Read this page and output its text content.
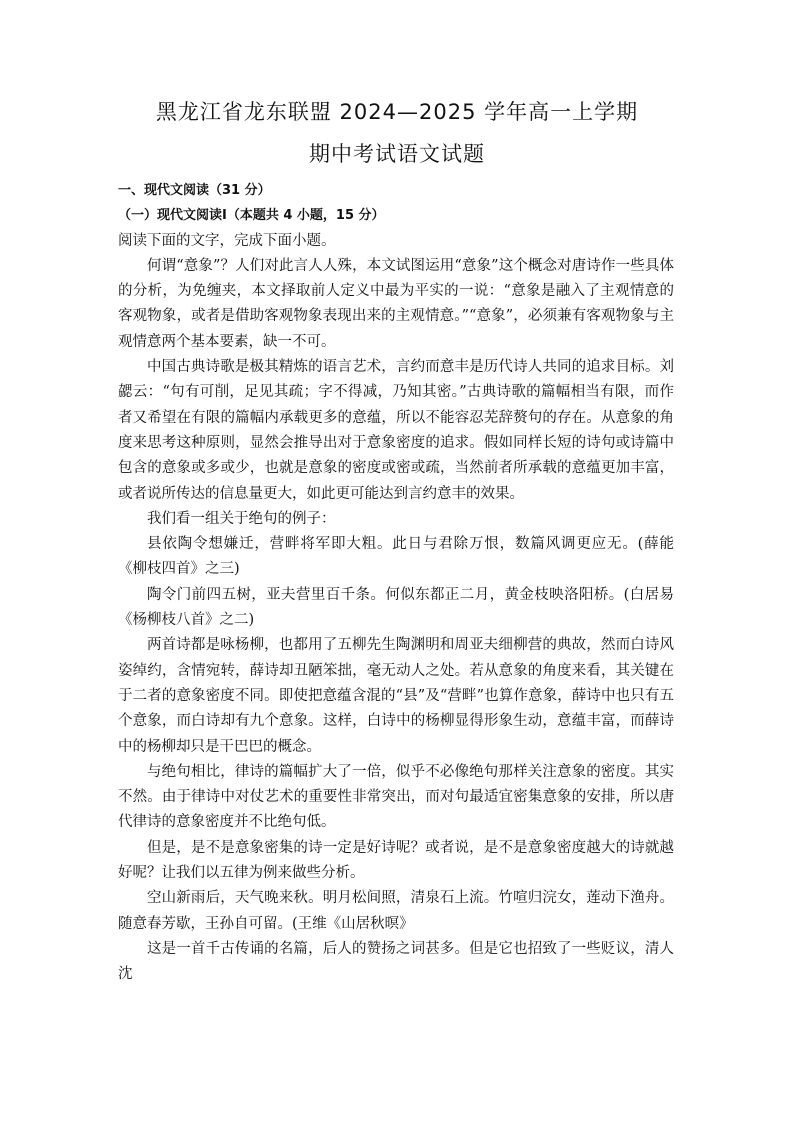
黑龙江省龙东联盟 2024—2025 学年高一上学期
期中考试语文试题

一、现代文阅读（31 分）

（一）现代文阅读Ⅰ（本题共 4 小题，15 分）

阅读下面的文字，完成下面小题。

何谓“意象”？人们对此言人人殊，本文试图运用“意象”这个概念对唐诗作一些具体的分析，为免缠夹，本文择取前人定义中最为平实的一说：“意象是融入了主观情意的客观物象，或者是借助客观物象表现出来的主观情意。”“意象”，必须兼有客观物象与主观情意两个基本要素，缺一不可。

中国古典诗歌是极其精炼的语言艺术，言约而意丰是历代诗人共同的追求目标。刘勰云：“句有可削，足见其疏；字不得减，乃知其密。”古典诗歌的篇幅相当有限，而作者又希望在有限的篇幅内承载更多的意蕴，所以不能容忍芜辞赘句的存在。从意象的角度来思考这种原则，显然会推导出对于意象密度的追求。假如同样长短的诗句或诗篇中包含的意象或多或少，也就是意象的密度或密或疏，当然前者所承载的意蕴更加丰富，或者说所传达的信息量更大，如此更可能达到言约意丰的效果。

我们看一组关于绝句的例子：

县依陶令想嫌迁，营畔将军即大粗。此日与君除万恨，数篇风调更应无。(薛能《柳枝四首》之三)

陶令门前四五树，亚夫营里百千条。何似东都正二月，黄金枝映洛阳桥。(白居易《杨柳枝八首》之二)

两首诗都是咏杨柳，也都用了五柳先生陶渊明和周亚夫细柳营的典故，然而白诗风姿绰约，含情宛转，薛诗却丑陋笨拙，毫无动人之处。若从意象的角度来看，其关键在于二者的意象密度不同。即使把意蕴含混的“县”及“营畔”也算作意象，薛诗中也只有五个意象，而白诗却有九个意象。这样，白诗中的杨柳显得形象生动，意蕴丰富，而薛诗中的杨柳却只是干巴巴的概念。

与绝句相比，律诗的篇幅扩大了一倍，似乎不必像绝句那样关注意象的密度。其实不然。由于律诗中对仗艺术的重要性非常突出，而对句最适宜密集意象的安排，所以唐代律诗的意象密度并不比绝句低。

但是，是不是意象密集的诗一定是好诗呢？或者说，是不是意象密度越大的诗就越好呢？让我们以五律为例来做些分析。

空山新雨后，天气晚来秋。明月松间照，清泉石上流。竹喧归浣女，莲动下渔舟。随意春芳歇，王孙自可留。(王维《山居秋暝》

这是一首千古传诵的名篇，后人的赞扬之词甚多。但是它也招致了一些贬议，清人沈
